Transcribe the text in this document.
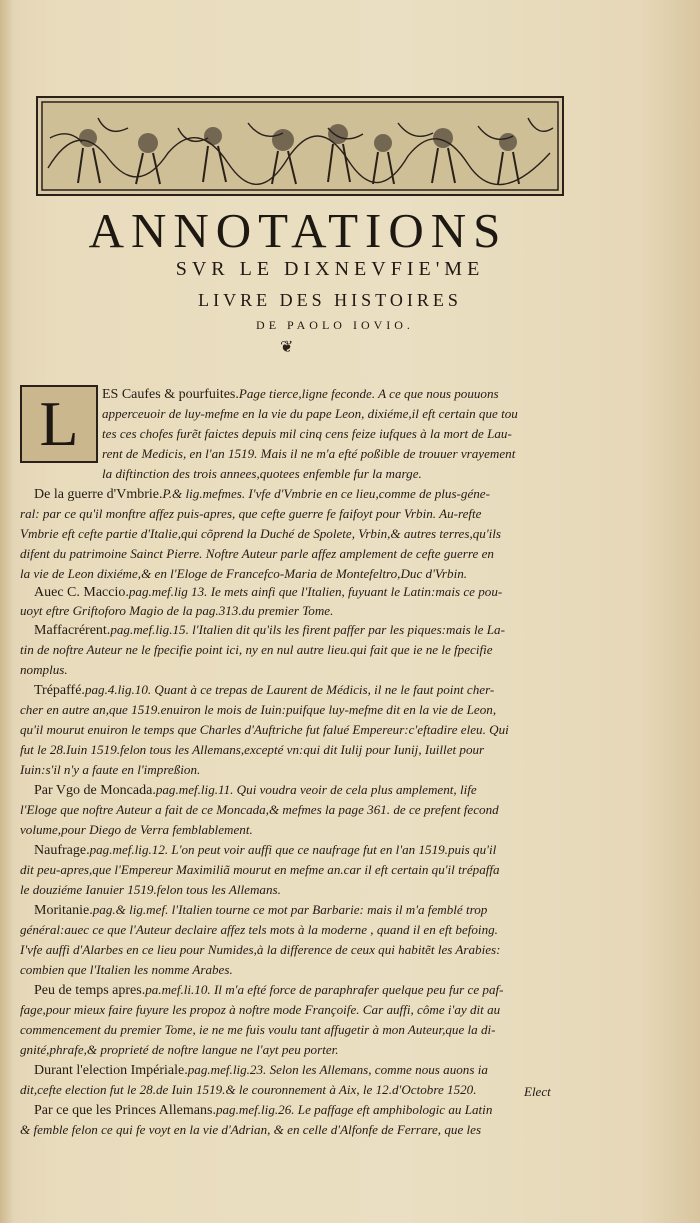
ANNOTATIONS
SVR LE DIXNEVFIE'ME
LIVRE DES HISTOIRES
DE PAOLO IOVIO.
❦
L	ES Caufes & pourfuites.Page tierce,ligne feconde. A ce que nous pouuons
apperceuoir de luy-mefme en la vie du pape Leon, dixiéme,il eft certain que tou
tes ces chofes furẽt faictes depuis mil cinq cens feize iufques à la mort de Lau-
rent de Medicis, en l'an 1519. Mais il ne m'a efté poßible de trouuer vrayement
la diftinction des trois annees,quotees enfemble fur la marge.
De la guerre d'Vmbrie.P.& lig.mefmes. I'vfe d'Vmbrie en ce lieu,comme de plus-géne-
ral: par ce qu'il monftre affez puis-apres, que cefte guerre fe faifoyt pour Vrbin. Au-refte
Vmbrie eft cefte partie d'Italie,qui cõprend la Duché de Spolete, Vrbin,& autres terres,qu'ils
difent du patrimoine Sainct Pierre. Noftre Auteur parle affez amplement de cefte guerre en
la vie de Leon dixiéme,& en l'Eloge de Francefco-Maria de Montefeltro,Duc d'Vrbin.
Auec C. Maccio.pag.mef.lig 13. Ie mets ainfi que l'Italien, fuyuant le Latin:mais ce pou-
uoyt eftre Griftoforo Magio de la pag.313.du premier Tome.
Maffacrérent.pag.mef.lig.15. l'Italien dit qu'ils les firent paffer par les piques:mais le La-
tin de noftre Auteur ne le fpecifie point ici, ny en nul autre lieu.qui fait que ie ne le fpecifie
nomplus.
Trépaffé.pag.4.lig.10. Quant à ce trepas de Laurent de Médicis, il ne le faut point cher-
cher en autre an,que 1519.enuiron le mois de Iuin:puifque luy-mefme dit en la vie de Leon,
qu'il mourut enuiron le temps que Charles d'Auftriche fut falué Empereur:c'eftadire eleu. Qui
fut le 28.Iuin 1519.felon tous les Allemans,excepté vn:qui dit Iulij pour Iunij, Iuillet pour
Iuin:s'il n'y a faute en l'impreßion.
Par Vgo de Moncada.pag.mef.lig.11. Qui voudra veoir de cela plus amplement, life
l'Eloge que noftre Auteur a fait de ce Moncada,& mefmes la page 361. de ce prefent fecond
volume,pour Diego de Verra femblablement.
Naufrage.pag.mef.lig.12. L'on peut voir auffi que ce naufrage fut en l'an 1519.puis qu'il
dit peu-apres,que l'Empereur Maximiliã mourut en mefme an.car il eft certain qu'il trépaffa
le douziéme Ianuier 1519.felon tous les Allemans.
Moritanie.pag.& lig.mef. l'Italien tourne ce mot par Barbarie: mais il m'a femblé trop
général:auec ce que l'Auteur declaire affez tels mots à la moderne , quand il en eft befoing.
I'vfe auffi d'Alarbes en ce lieu pour Numides,à la difference de ceux qui habitẽt les Arabies:
combien que l'Italien les nomme Arabes.
Peu de temps apres.pa.mef.li.10. Il m'a efté force de paraphrafer quelque peu fur ce paf-
fage,pour mieux faire fuyure les propoz à noftre mode Françoife. Car auffi, côme i'ay dit au
commencement du premier Tome, ie ne me fuis voulu tant affugetir à mon Auteur,que la di-
gnité,phrafe,& proprieté de noftre langue ne l'ayt peu porter.
Durant l'election Impériale.pag.mef.lig.23. Selon les Allemans, comme nous auons ia
dit,cefte election fut le 28.de Iuin 1519.& le couronnement à Aix, le 12.d'Octobre 1520.
Par ce que les Princes Allemans.pag.mef.lig.26. Le paffage eft amphibologic au Latin
& femble felon ce qui fe voyt en la vie d'Adrian, & en celle d'Alfonfe de Ferrare, que les
Elect
